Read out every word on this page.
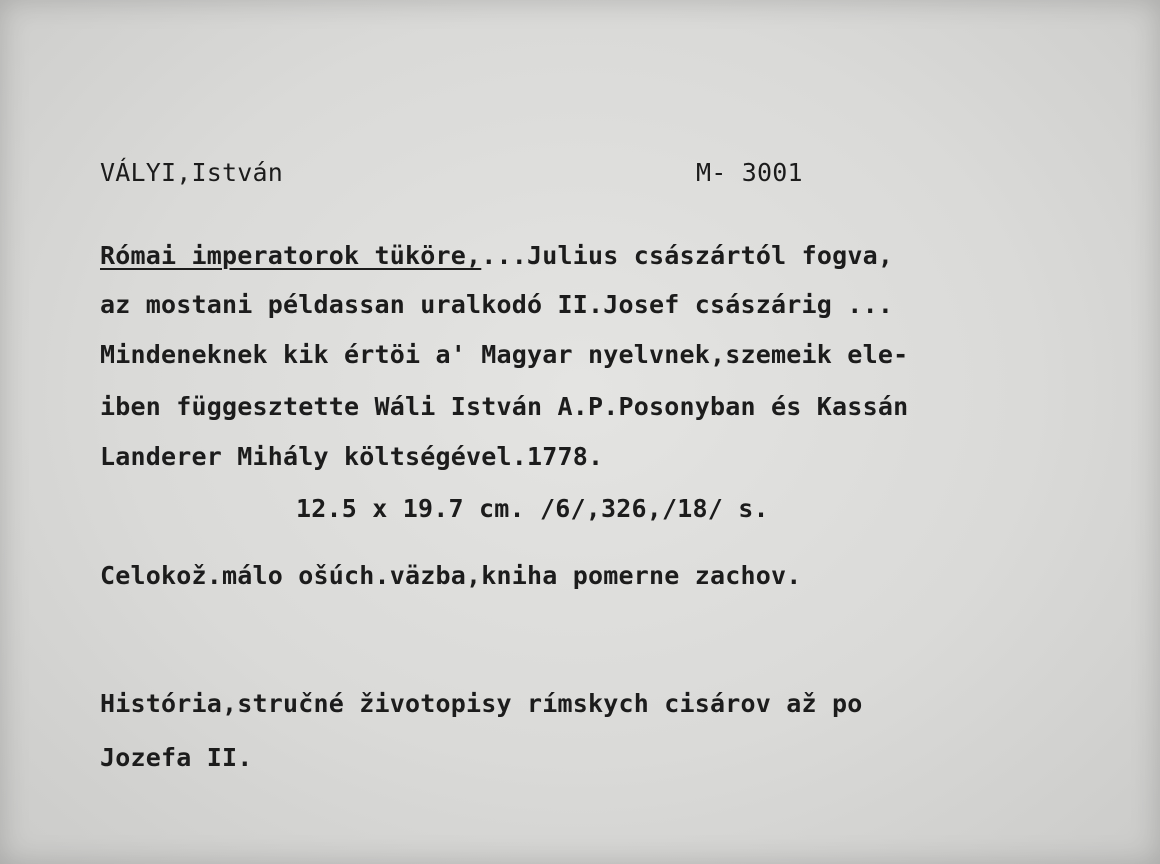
VÁLYI,István	M- 3001
Római imperatorok tüköre,...Julius császártól fogva,
az mostani példassan uralkodó II.Josef császárig ...
Mindeneknek kik értöi a' Magyar nyelvnek,szemeik ele-
iben függesztette Wáli István A.P.Posonyban és Kassán
Landerer Mihály költségével.1778.
12.5 x 19.7 cm. /6/,326,/18/ s.
Celokož.málo ošúch.väzba,kniha pomerne zachov.
História,stručné životopisy rímskych cisárov až po
Jozefa II.
